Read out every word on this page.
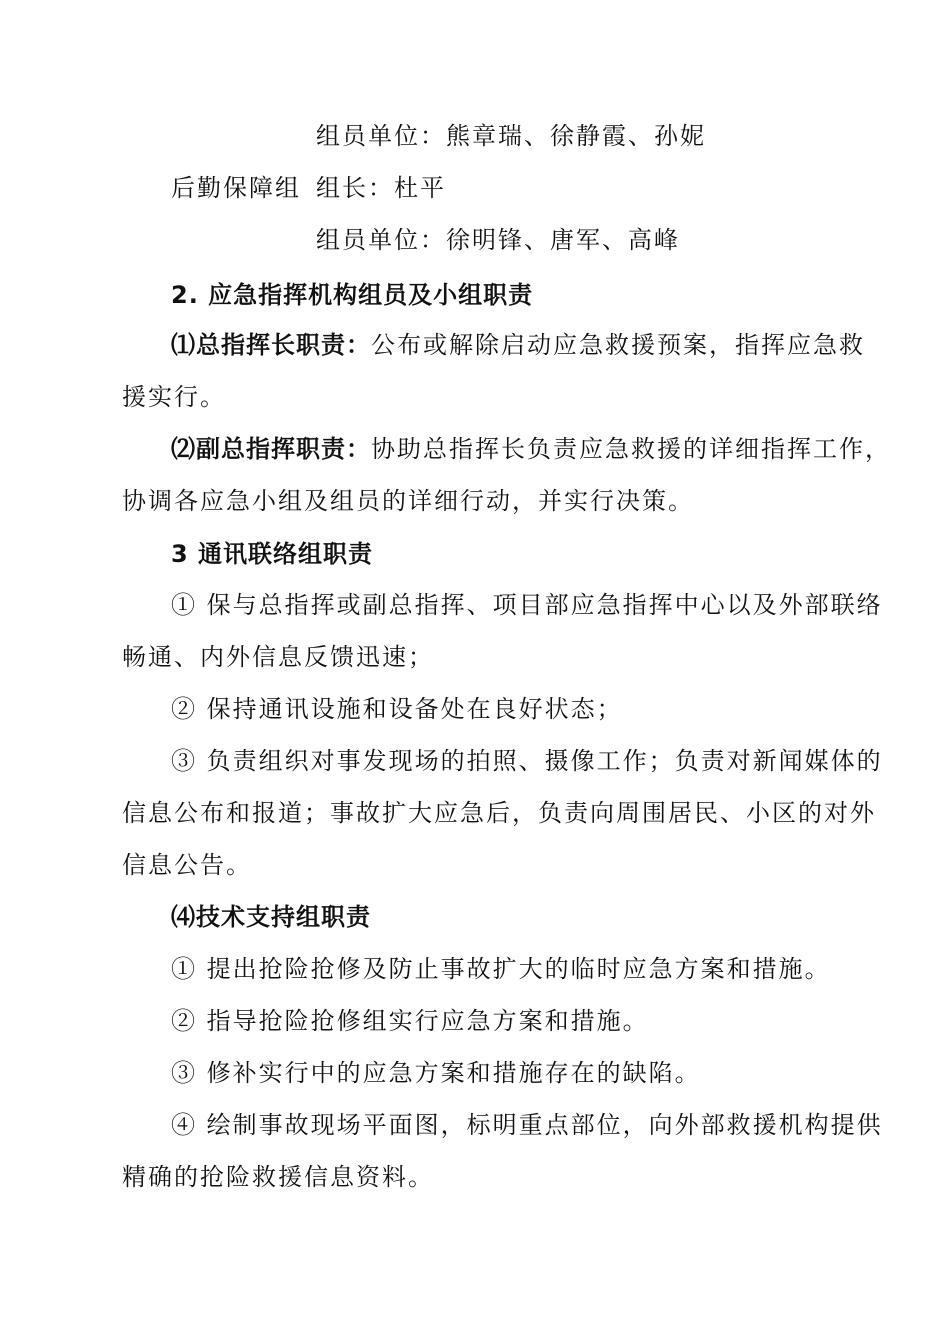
组员单位：熊章瑞、徐静霞、孙妮
后勤保障组 组长：杜平
组员单位：徐明锋、唐军、高峰
2. 应急指挥机构组员及小组职责
⑴总指挥长职责：公布或解除启动应急救援预案，指挥应急救
援实行。
⑵副总指挥职责：协助总指挥长负责应急救援的详细指挥工作，
协调各应急小组及组员的详细行动，并实行决策。
3 通讯联络组职责
① 保与总指挥或副总指挥、项目部应急指挥中心以及外部联络
畅通、内外信息反馈迅速；
② 保持通讯设施和设备处在良好状态；
③ 负责组织对事发现场的拍照、摄像工作；负责对新闻媒体的
信息公布和报道；事故扩大应急后，负责向周围居民、小区的对外
信息公告。
⑷技术支持组职责
① 提出抢险抢修及防止事故扩大的临时应急方案和措施。
② 指导抢险抢修组实行应急方案和措施。
③ 修补实行中的应急方案和措施存在的缺陷。
④ 绘制事故现场平面图，标明重点部位，向外部救援机构提供
精确的抢险救援信息资料。
